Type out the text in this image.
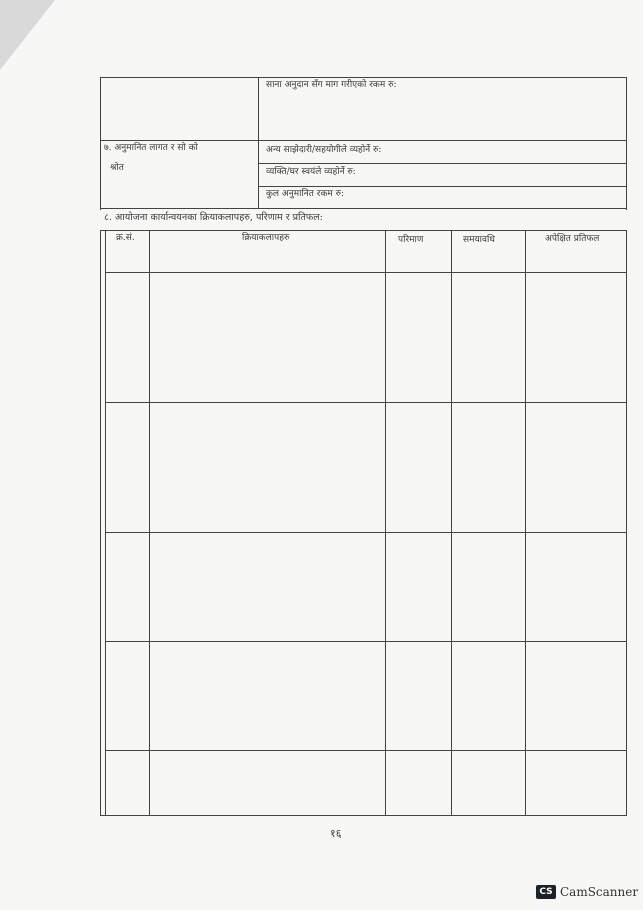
साना अनुदान सँग माग गरीएको रकम रु:
७. अनुमानित लागत र सो को
श्रोत
अन्य साझेदारी/सहयोगीले व्यहोर्ने रु:
व्यक्ति/घर स्वयंले व्यहोर्ने रु:
कुल अनुमानित रकम रु:
८. आयोजना कार्यान्वयनका क्रियाकलापहरु, परिणाम र प्रतिफल:
क्र.सं.	क्रियाकलापहरु	परिमाण	समयावधि	अपेक्षित प्रतिफल
१६
CS CamScanner
